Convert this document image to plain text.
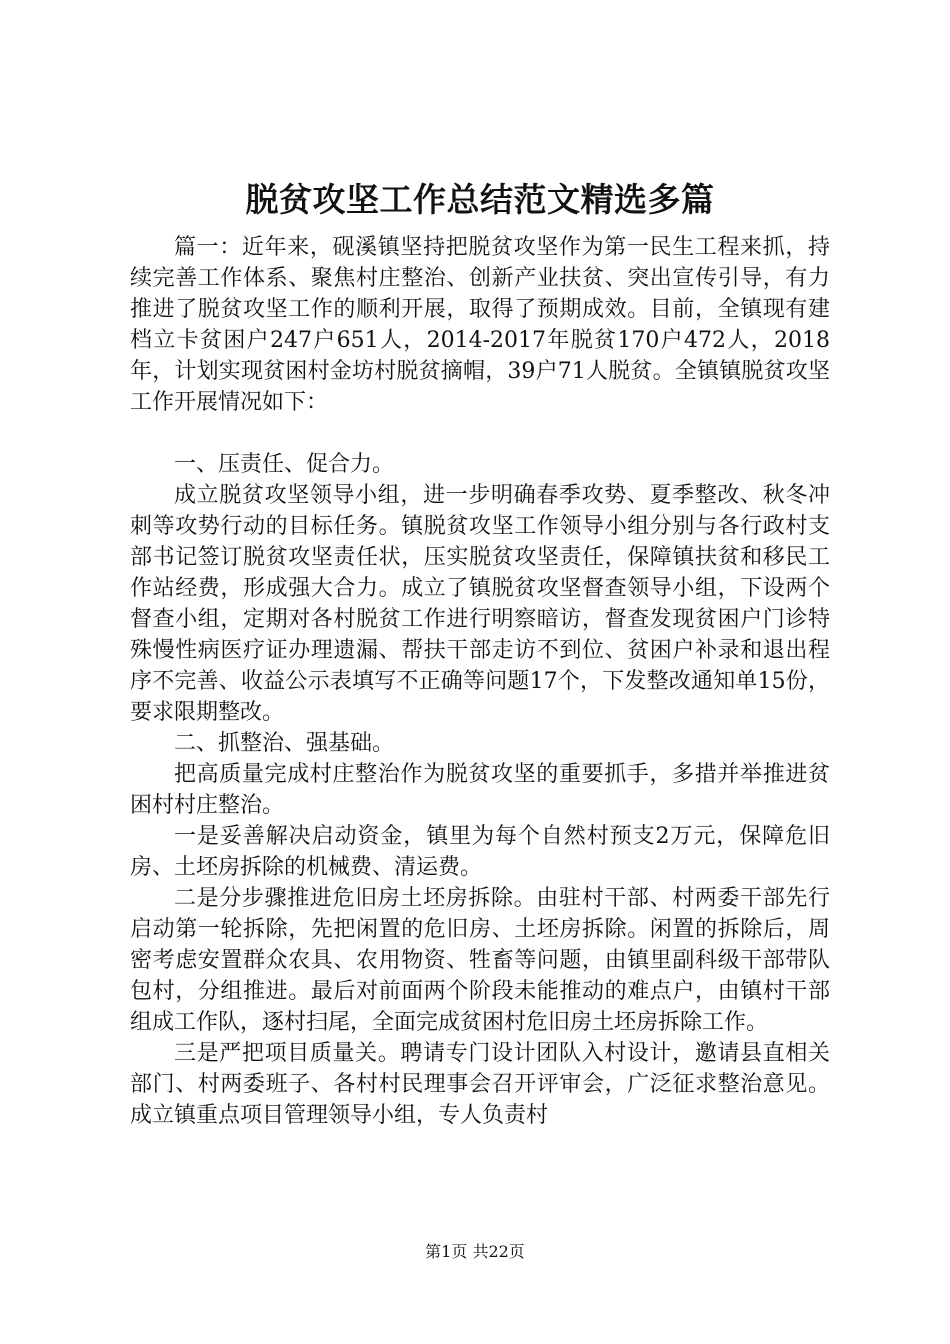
脱贫攻坚工作总结范文精选多篇

篇一：近年来，砚溪镇坚持把脱贫攻坚作为第一民生工程来抓，持续完善工作体系、聚焦村庄整治、创新产业扶贫、突出宣传引导，有力推进了脱贫攻坚工作的顺利开展，取得了预期成效。目前，全镇现有建档立卡贫困户247户651人，2014-2017年脱贫170户472人，2018年，计划实现贫困村金坊村脱贫摘帽，39户71人脱贫。全镇镇脱贫攻坚工作开展情况如下：

一、压责任、促合力。

成立脱贫攻坚领导小组，进一步明确春季攻势、夏季整改、秋冬冲刺等攻势行动的目标任务。镇脱贫攻坚工作领导小组分别与各行政村支部书记签订脱贫攻坚责任状，压实脱贫攻坚责任，保障镇扶贫和移民工作站经费，形成强大合力。成立了镇脱贫攻坚督查领导小组，下设两个督查小组，定期对各村脱贫工作进行明察暗访，督查发现贫困户门诊特殊慢性病医疗证办理遗漏、帮扶干部走访不到位、贫困户补录和退出程序不完善、收益公示表填写不正确等问题17个，下发整改通知单15份，要求限期整改。

二、抓整治、强基础。

把高质量完成村庄整治作为脱贫攻坚的重要抓手，多措并举推进贫困村村庄整治。

一是妥善解决启动资金，镇里为每个自然村预支2万元，保障危旧房、土坯房拆除的机械费、清运费。

二是分步骤推进危旧房土坯房拆除。由驻村干部、村两委干部先行启动第一轮拆除，先把闲置的危旧房、土坯房拆除。闲置的拆除后，周密考虑安置群众农具、农用物资、牲畜等问题，由镇里副科级干部带队包村，分组推进。最后对前面两个阶段未能推动的难点户，由镇村干部组成工作队，逐村扫尾，全面完成贫困村危旧房土坯房拆除工作。

三是严把项目质量关。聘请专门设计团队入村设计，邀请县直相关部门、村两委班子、各村村民理事会召开评审会，广泛征求整治意见。成立镇重点项目管理领导小组，专人负责村

第1页 共22页
